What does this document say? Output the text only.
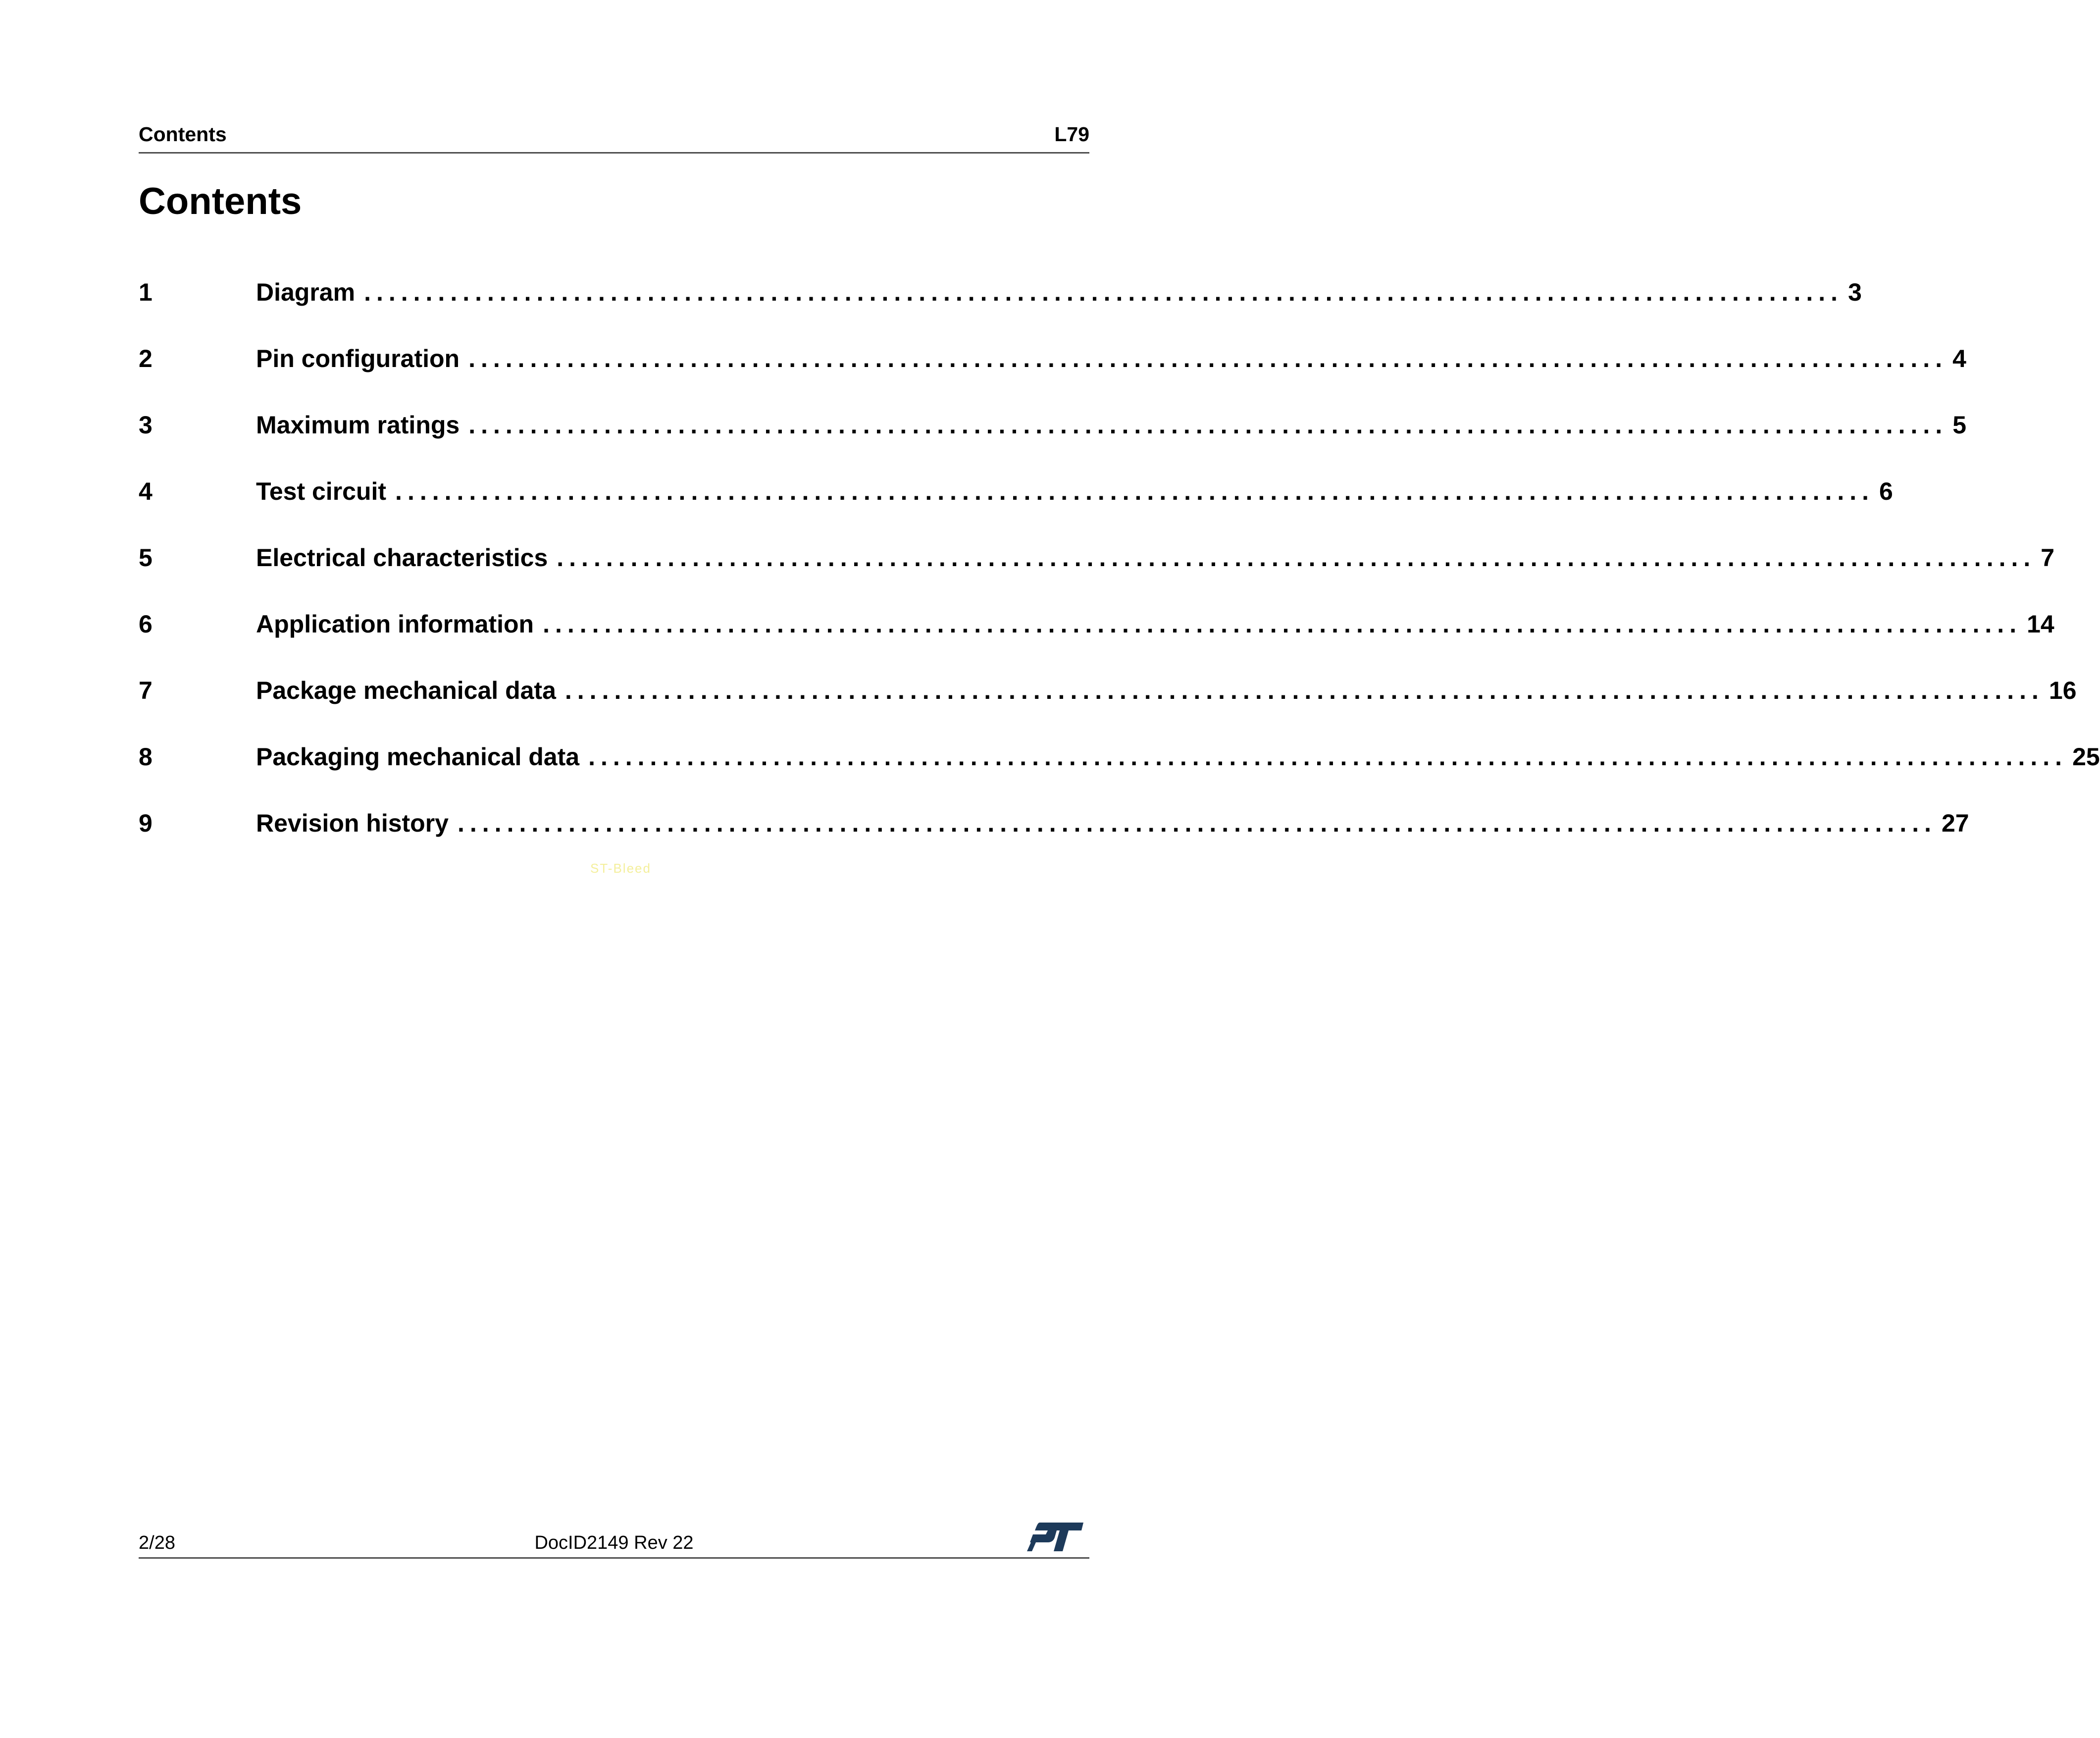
Contents	L79
Contents
1	Diagram ........................................................................................................................ 3
2	Pin configuration ........................................................................................................................ 4
3	Maximum ratings ........................................................................................................................ 5
4	Test circuit ........................................................................................................................ 6
5	Electrical characteristics ........................................................................................................................ 7
6	Application information ........................................................................................................................ 14
7	Package mechanical data ........................................................................................................................ 16
8	Packaging mechanical data ........................................................................................................................ 25
9	Revision history ........................................................................................................................ 27
ST-Bleed
2/28	DocID2149 Rev 22
